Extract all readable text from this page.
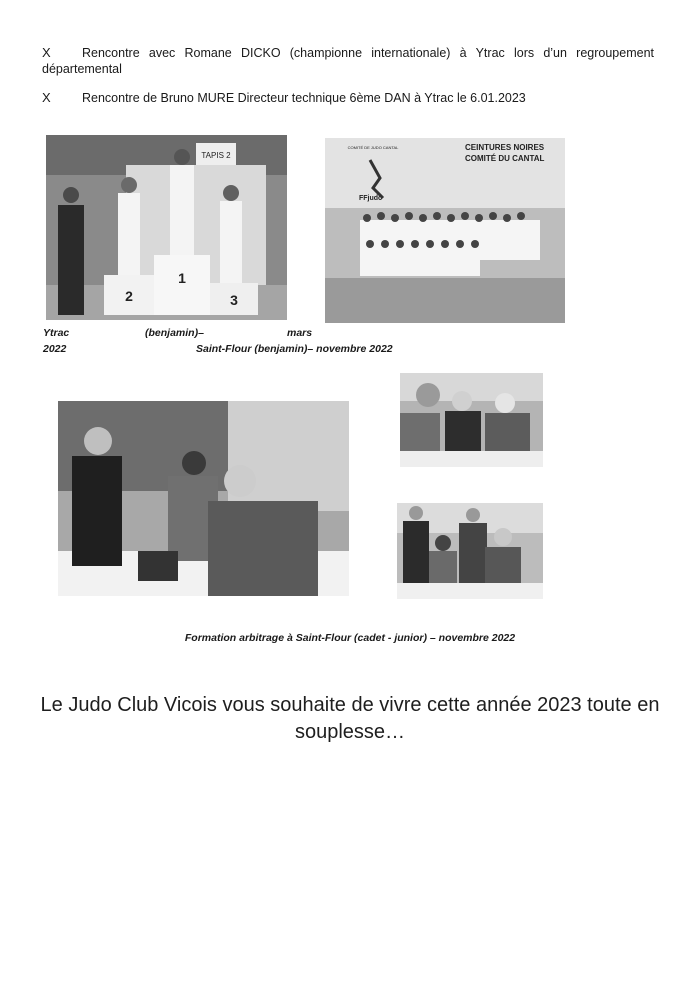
X	Rencontre avec Romane DICKO (championne internationale) à Ytrac lors d’un regroupement
départemental
X	Rencontre de Bruno MURE Directeur technique 6ème DAN à Ytrac le 6.01.2023
TAPIS 2
2
1
3
COMITÉ DE JUDO CANTAL	CEINTURES NOIRES
COMITÉ DU CANTAL
FFjudo
Ytrac	(benjamin)–	mars
2022	Saint-Flour (benjamin)– novembre 2022
Formation arbitrage à Saint-Flour (cadet - junior) – novembre 2022
Le Judo Club Vicois vous souhaite de vivre cette année 2023 toute en souplesse…
